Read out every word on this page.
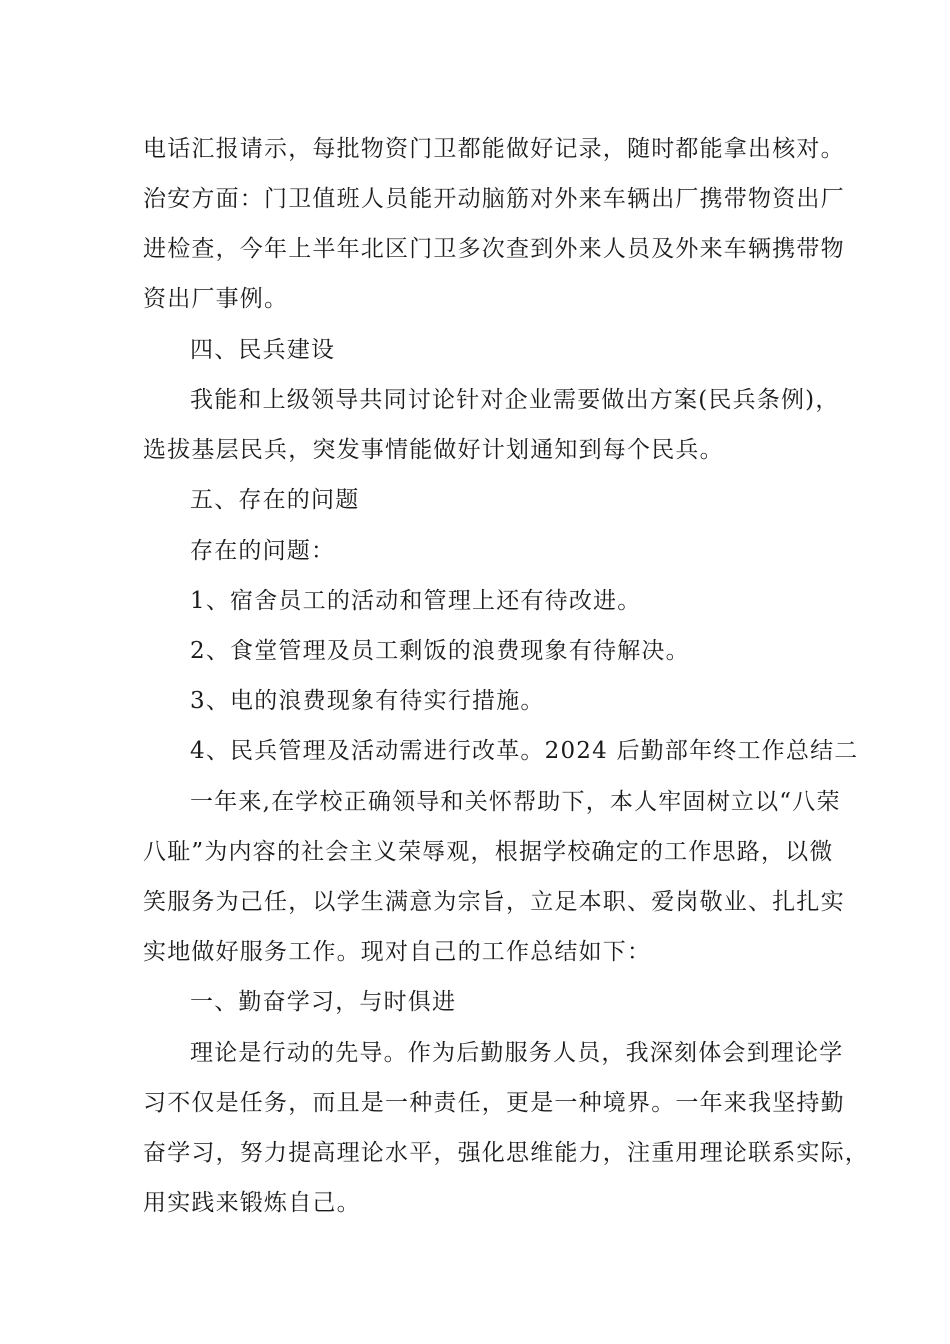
电话汇报请示，每批物资门卫都能做好记录，随时都能拿出核对。
治安方面：门卫值班人员能开动脑筋对外来车辆出厂携带物资出厂
进检查，今年上半年北区门卫多次查到外来人员及外来车辆携带物
资出厂事例。
四、民兵建设
我能和上级领导共同讨论针对企业需要做出方案(民兵条例)，
选拔基层民兵，突发事情能做好计划通知到每个民兵。
五、存在的问题
存在的问题：
1、宿舍员工的活动和管理上还有待改进。
2、食堂管理及员工剩饭的浪费现象有待解决。
3、电的浪费现象有待实行措施。
4、民兵管理及活动需进行改革。2024 后勤部年终工作总结二
一年来,在学校正确领导和关怀帮助下，本人牢固树立以“八荣
八耻”为内容的社会主义荣辱观，根据学校确定的工作思路，以微
笑服务为己任，以学生满意为宗旨，立足本职、爱岗敬业、扎扎实
实地做好服务工作。现对自己的工作总结如下：
一、勤奋学习，与时俱进
理论是行动的先导。作为后勤服务人员，我深刻体会到理论学
习不仅是任务，而且是一种责任，更是一种境界。一年来我坚持勤
奋学习，努力提高理论水平，强化思维能力，注重用理论联系实际，
用实践来锻炼自己。
